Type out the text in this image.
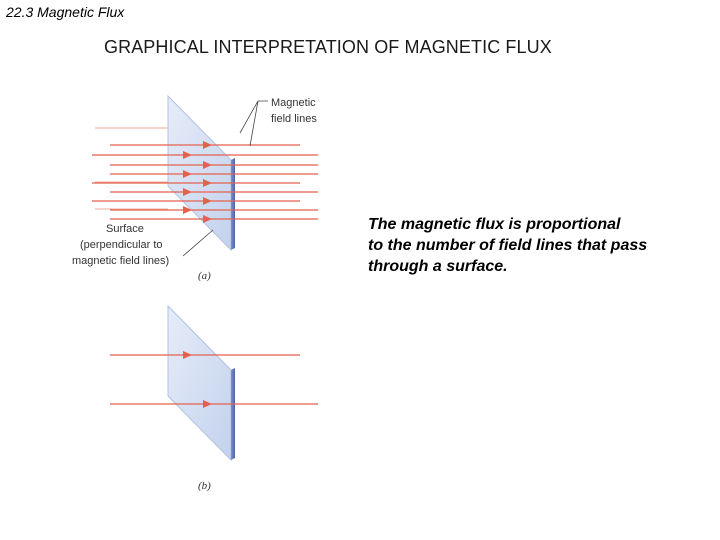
22.3 Magnetic Flux
GRAPHICAL INTERPRETATION OF MAGNETIC FLUX
Magnetic
field lines
Surface
(perpendicular to
magnetic field lines)
(a)
(b)
The magnetic flux is proportional
to the number of field lines that pass
through a surface.
